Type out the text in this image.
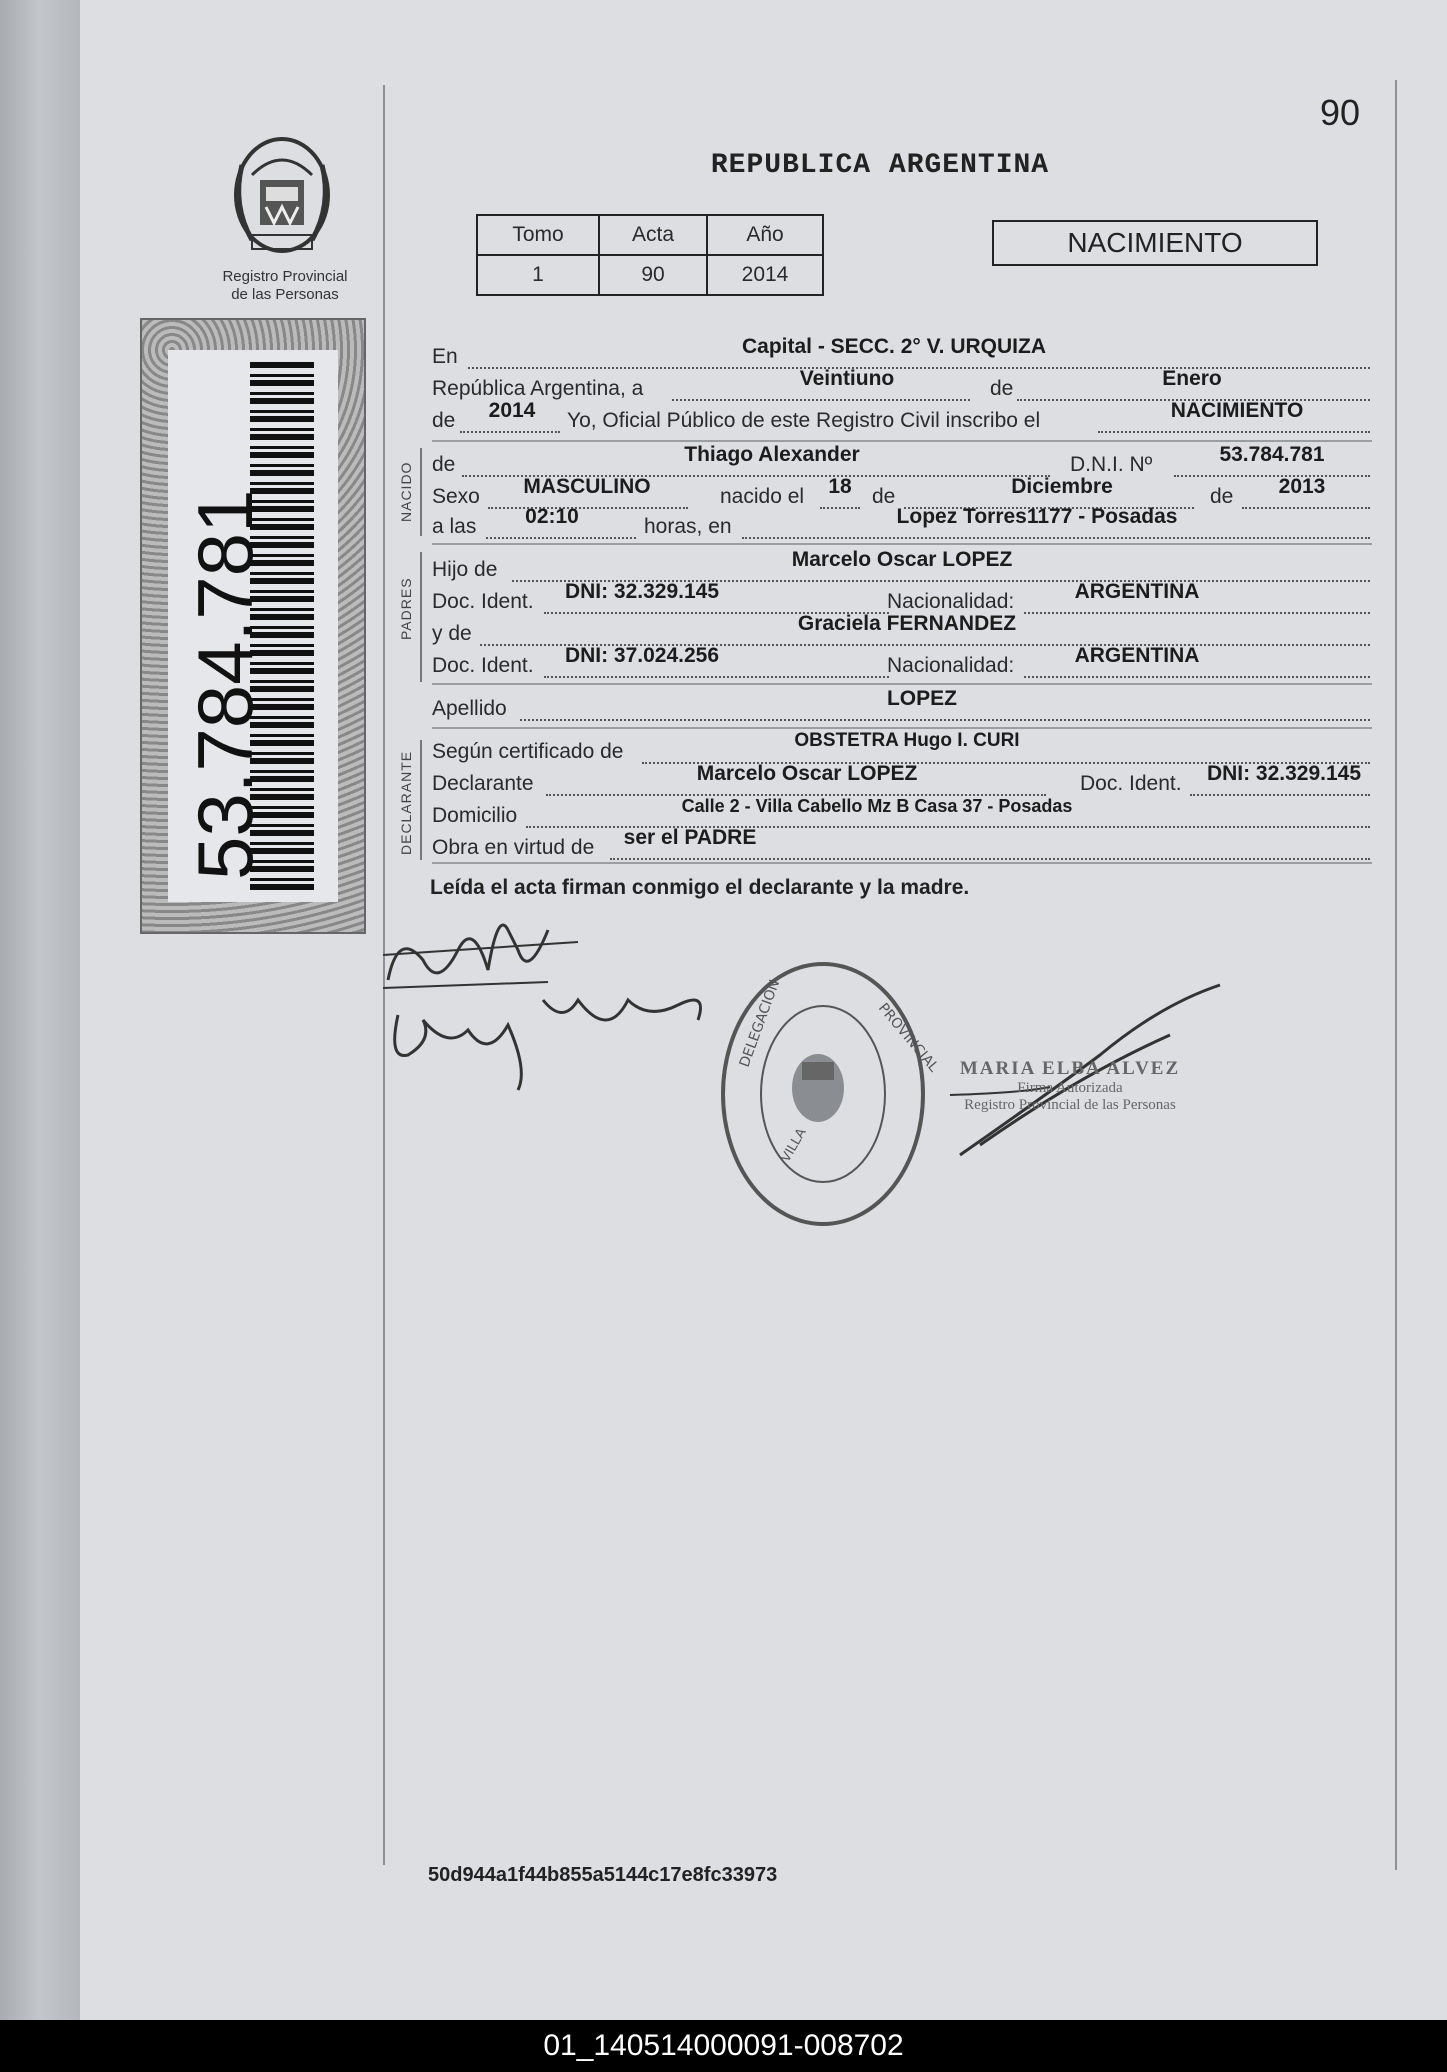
90
Registro Provincial
de las Personas
53.784.781
REPUBLICA ARGENTINA
Tomo	Acta	Año
1	90	2014
NACIMIENTO
En	Capital - SECC. 2° V. URQUIZA
República Argentina, a	Veintiuno	de	Enero
de	2014	Yo, Oficial Público de este Registro Civil inscribo el	NACIMIENTO
NACIDO de	Thiago Alexander	D.N.I. Nº	53.784.781
Sexo	MASCULINO	nacido el	18 de	Diciembre	de	2013
a las	02:10	horas, en	Lopez Torres1177 - Posadas
PADRES
Hijo de	Marcelo Oscar LOPEZ
Doc. Ident.	DNI: 32.329.145	Nacionalidad:	ARGENTINA
y de	Graciela FERNANDEZ
Doc. Ident.	DNI: 37.024.256	Nacionalidad:	ARGENTINA
Apellido	LOPEZ
DECLARANTE Según certificado de	OBSTETRA Hugo I. CURI
Declarante	Marcelo Oscar LOPEZ	Doc. Ident.	DNI: 32.329.145
Domicilio	Calle 2 - Villa Cabello Mz B Casa 37 - Posadas
Obra en virtud de	ser el PADRE
Leída el acta firman conmigo el declarante y la madre.
DELEGACION	PROVINCIAL
VILLA
MARIA ELBA ALVEZ
Firma Autorizada
Registro Provincial de las Personas
50d944a1f44b855a5144c17e8fc33973
01_140514000091-008702
